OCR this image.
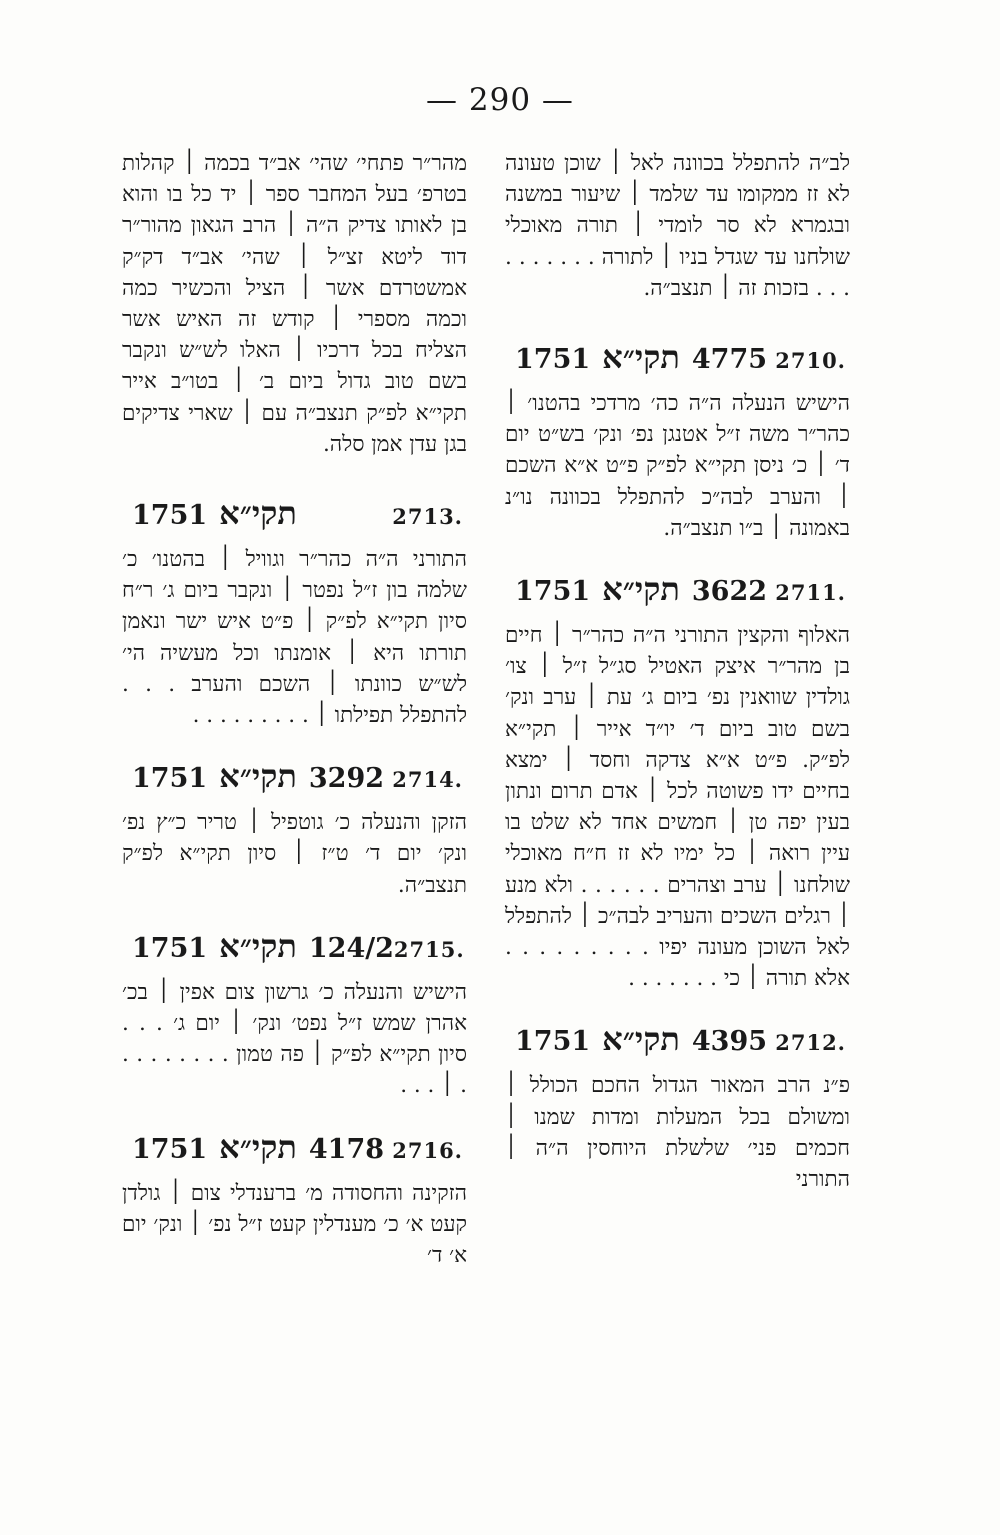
— 290 —

לב״ה להתפלל בכוונה לאל ׀ שוכן טעונה לא זז ממקומו עד שלמד ׀ שיעור במשנה ובגמרא לא סר לומדי ׀ תורה מאוכלי שולחנו עד שגדל בניו ׀ לתורה . . . . . . . . . . בזכות זה ׀ תנצב״ה.

1751 תקי״א 4775 2710.

הישיש הנעלה ה״ה כה׳ מרדכי בהטנו׳ ׀ כהר״ר משה ז״ל אטנגן נפ׳ ונק׳ בש״ט יום ד׳ ׀ כ׳ ניסן תקי״א לפ״ק פ״ט א״א השכם ׀ והערב לבה״כ להתפלל בכוונה נו״נ באמונה ׀ ב״ו תנצב״ה.

1751 תקי״א 3622 2711.

האלוף והקצין התורני ה״ה כהר״ר ׀ חיים בן מהר״ר איצק האטיל סג״ל ז״ל ׀ צו׳ גולדין שוואנין נפ׳ ביום ג׳ עת ׀ ערב ונק׳ בשם טוב ביום ד׳ יו״ד אייר ׀ תקי״א לפ״ק. פ״ט א״א צדקה וחסד ׀ ימצא בחיים ידו פשוטה לכל ׀ אדם תרום ונתון בעין יפה טן ׀ חמשים אחד לא שלט בו עיין רואה ׀ כל ימיו לא זז ח״ח מאוכלי שולחנו ׀ ערב וצהרים . . . . . . ולא מנע ׀ רגלים השכים והעריב לבה״כ ׀ להתפלל לאל השוכן מעונה יפיו . . . . . . . . . אלא תורה ׀ כי . . . . . . .

1751 תקי״א 4395 2712.

פ״נ הרב המאור הגדול החכם הכולל ׀ ומשולם בכל המעלות ומדות שמנו ׀ חכמים פני׳ שלשלת היוחסין ה״ה ׀ התורני

מהר״ר פתחי׳ שהי׳ אב״ד בכמה ׀ קהלות בטרפ׳ בעל המחבר ספר ׀ יד כל בו והוא בן לאותו צדיק ה״ה ׀ הרב הגאון מהור״ר דוד ליטא זצ״ל ׀ שהי׳ אב״ד דק״ק אמשטרדם אשר ׀ הציל והכשיר כמה וכמה מספרי ׀ קודש זה האיש אשר הצליח בכל דרכיו ׀ האלו לש״ש ונקבר בשם טוב גדול ביום ב׳ ׀ בטו״ב אייר תקי״א לפ״ק תנצב״ה עם ׀ שארי צדיקים בגן עדן אמן סלה.

1751 תקי״א	2713.

התורני ה״ה כהר״ר וגוויל ׀ בהטנו׳ כ׳ שלמה בון ז״ל נפטר ׀ ונקבר ביום ג׳ ר״ח סיון תקי״א לפ״ק ׀ פ״ט איש ישר ונאמן תורתו היא ׀ אומנתו וכל מעשיה הי׳ לש״ש כוונתו ׀ השכם והערב . . . להתפלל תפילתו ׀ . . . . . . . . .

1751 תקי״א 3292 2714.

הזקן והנעלה כ׳ גוטפיל ׀ טריר כ״ץ נפ׳ ונק׳ יום ד׳ ט״ז ׀ סיון תקי״א לפ״ק תנצב״ה.

1751 תקי״א 124/2 2715.

הישיש והנעלה כ׳ גרשון צום אפין ׀ בכ׳ אהרן שמש ז״ל נפט׳ ונק׳ ׀ יום ג׳ . . . סיון תקי״א לפ״ק ׀ פה טמון . . . . . . . . . ׀ . . .

1751 תקי״א 4178 2716.

הזקינה והחסודה מ׳ ברענדלי צום ׀ גולדן קעט א׳ כ׳ מענדלין קעט ז״ל נפ׳ ׀ ונק׳ יום א׳ ד׳
